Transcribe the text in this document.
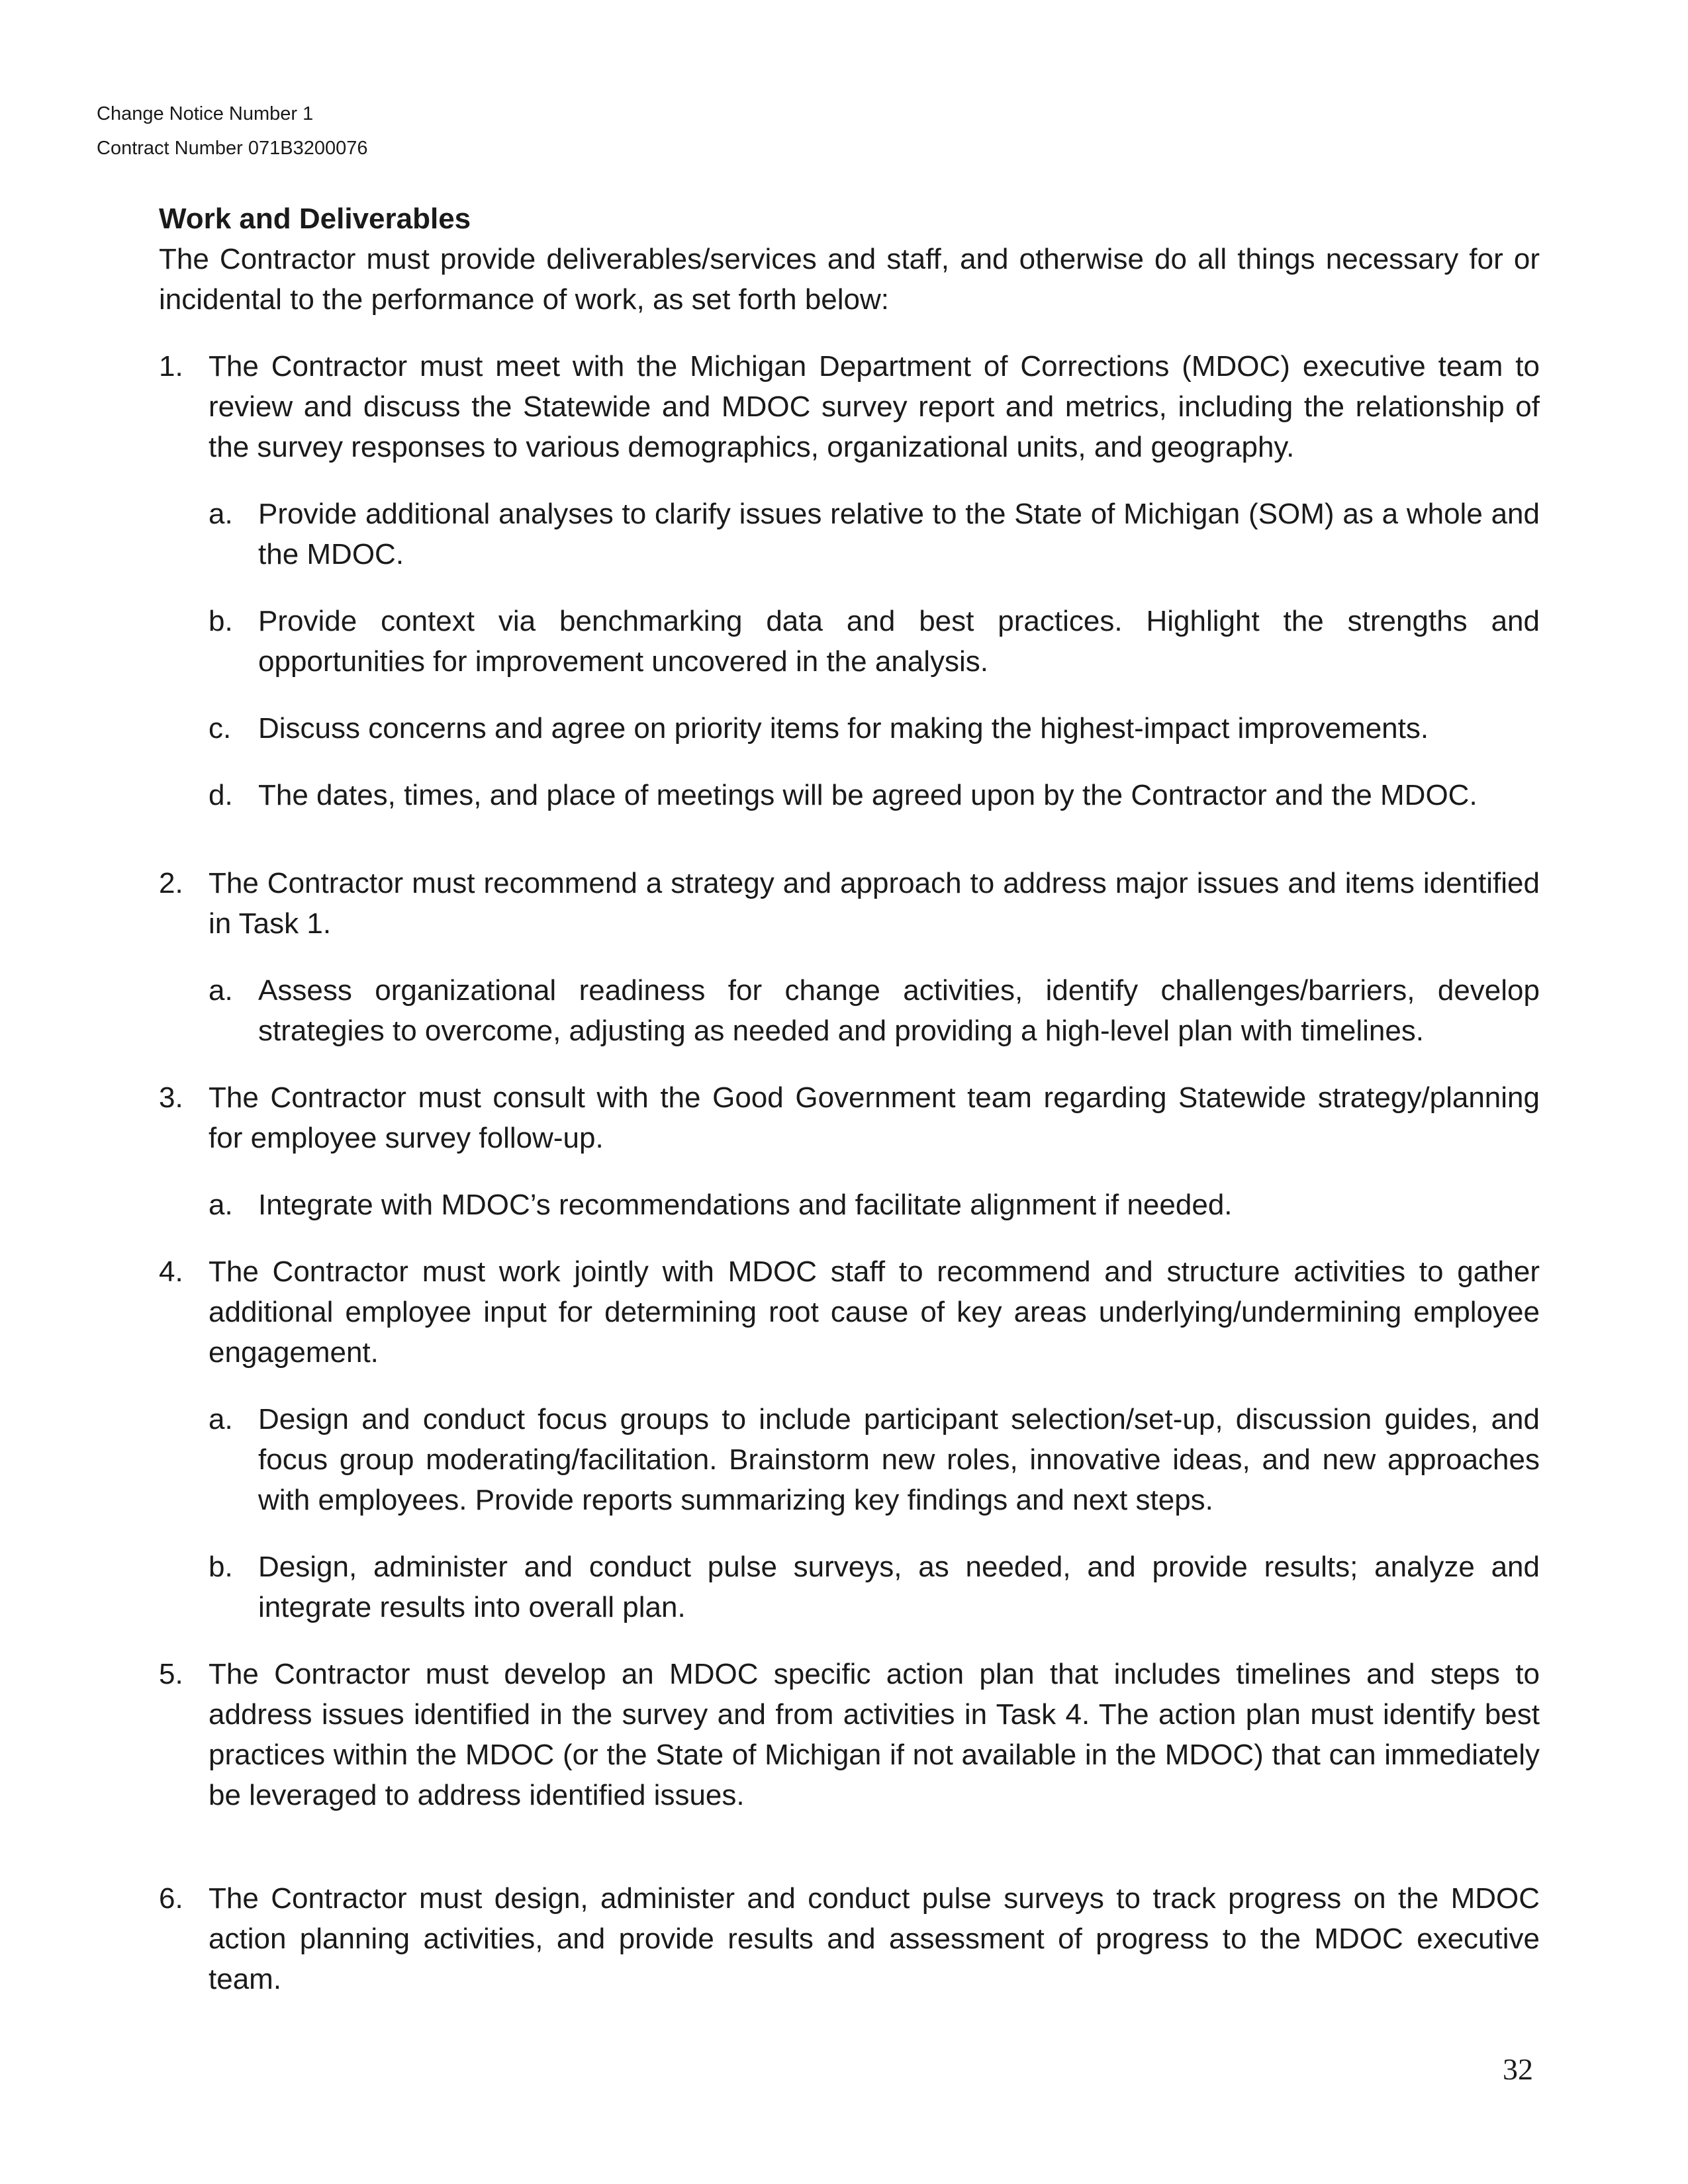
Change Notice Number 1
Contract Number 071B3200076
Work and Deliverables
The Contractor must provide deliverables/services and staff, and otherwise do all things necessary for or incidental to the performance of work, as set forth below:
1. The Contractor must meet with the Michigan Department of Corrections (MDOC) executive team to review and discuss the Statewide and MDOC survey report and metrics, including the relationship of the survey responses to various demographics, organizational units, and geography.
a. Provide additional analyses to clarify issues relative to the State of Michigan (SOM) as a whole and the MDOC.
b. Provide context via benchmarking data and best practices. Highlight the strengths and opportunities for improvement uncovered in the analysis.
c. Discuss concerns and agree on priority items for making the highest-impact improvements.
d. The dates, times, and place of meetings will be agreed upon by the Contractor and the MDOC.
2. The Contractor must recommend a strategy and approach to address major issues and items identified in Task 1.
a. Assess organizational readiness for change activities, identify challenges/barriers, develop strategies to overcome, adjusting as needed and providing a high-level plan with timelines.
3. The Contractor must consult with the Good Government team regarding Statewide strategy/planning for employee survey follow-up.
a. Integrate with MDOC’s recommendations and facilitate alignment if needed.
4. The Contractor must work jointly with MDOC staff to recommend and structure activities to gather additional employee input for determining root cause of key areas underlying/undermining employee engagement.
a. Design and conduct focus groups to include participant selection/set-up, discussion guides, and focus group moderating/facilitation. Brainstorm new roles, innovative ideas, and new approaches with employees. Provide reports summarizing key findings and next steps.
b. Design, administer and conduct pulse surveys, as needed, and provide results; analyze and integrate results into overall plan.
5. The Contractor must develop an MDOC specific action plan that includes timelines and steps to address issues identified in the survey and from activities in Task 4. The action plan must identify best practices within the MDOC (or the State of Michigan if not available in the MDOC) that can immediately be leveraged to address identified issues.
6. The Contractor must design, administer and conduct pulse surveys to track progress on the MDOC action planning activities, and provide results and assessment of progress to the MDOC executive team.
32
